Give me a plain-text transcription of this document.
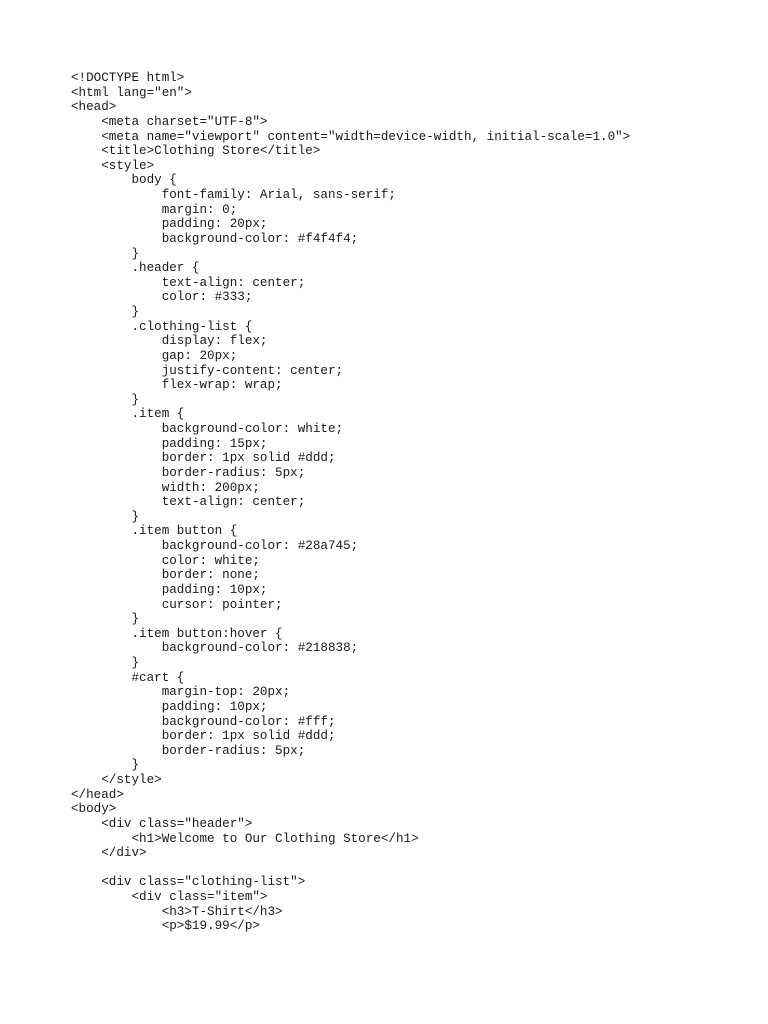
<!DOCTYPE html>
<html lang="en">
<head>
<meta charset="UTF-8">
<meta name="viewport" content="width=device-width, initial-scale=1.0">
<title>Clothing Store</title>
<style>
body {
font-family: Arial, sans-serif;
margin: 0;
padding: 20px;
background-color: #f4f4f4;
}
.header {
text-align: center;
color: #333;
}
.clothing-list {
display: flex;
gap: 20px;
justify-content: center;
flex-wrap: wrap;
}
.item {
background-color: white;
padding: 15px;
border: 1px solid #ddd;
border-radius: 5px;
width: 200px;
text-align: center;
}
.item button {
background-color: #28a745;
color: white;
border: none;
padding: 10px;
cursor: pointer;
}
.item button:hover {
background-color: #218838;
}
#cart {
margin-top: 20px;
padding: 10px;
background-color: #fff;
border: 1px solid #ddd;
border-radius: 5px;
}
</style>
</head>
<body>
<div class="header">
<h1>Welcome to Our Clothing Store</h1>
</div>
<div class="clothing-list">
<div class="item">
<h3>T-Shirt</h3>
<p>$19.99</p>
